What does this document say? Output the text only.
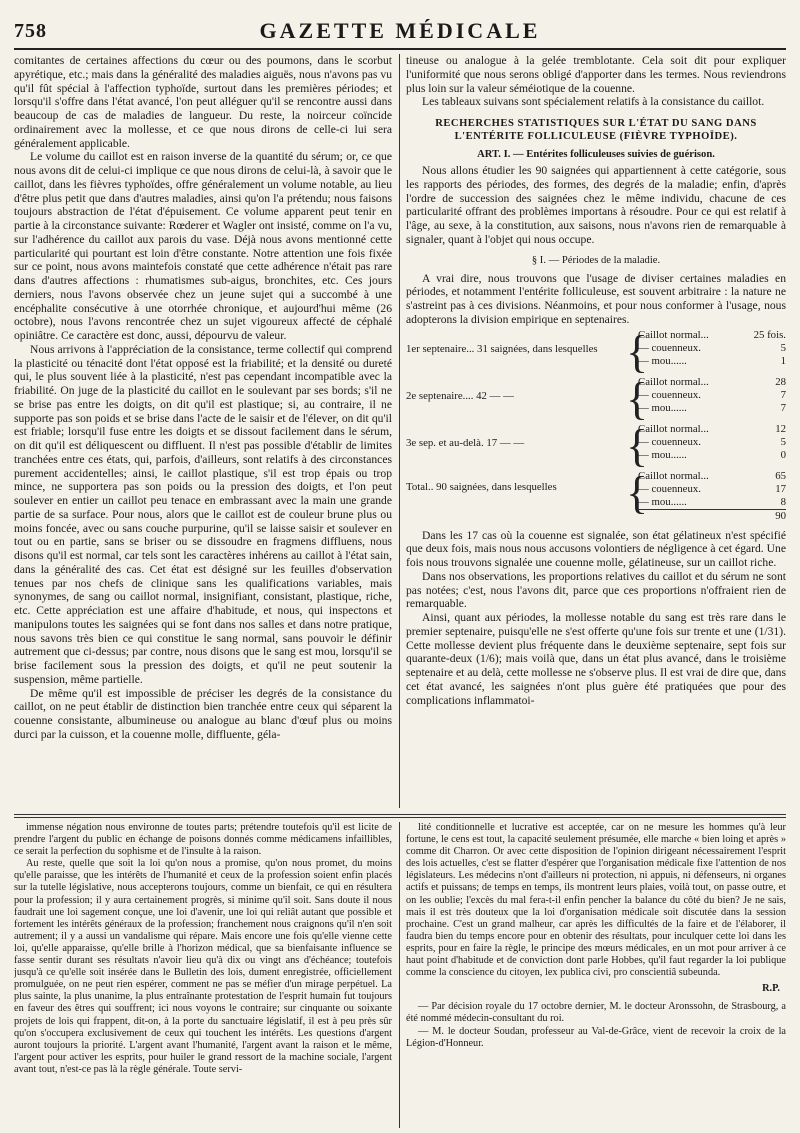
GAZETTE MÉDICALE
758

comitantes de certaines affections du cœur ou des poumons, dans le scorbut apyrétique, etc.; mais dans la généralité des maladies aiguës, nous n'avons pas vu qu'il fût spécial à l'affection typhoïde, surtout dans les premières périodes; et lorsqu'il s'offre dans l'état avancé, l'on peut alléguer qu'il se rencontre aussi dans beaucoup de cas de maladies de langueur. Du reste, la noirceur coïncide ordinairement avec la mollesse, et ce que nous dirons de celle-ci lui sera généralement applicable.

Le volume du caillot est en raison inverse de la quantité du sérum; or, ce que nous avons dit de celui-ci implique ce que nous dirons de celui-là, à savoir que le caillot, dans les fièvres typhoïdes, offre généralement un volume notable, au lieu d'être plus petit que dans d'autres maladies, ainsi qu'on l'a prétendu; nous faisons toujours abstraction de l'état d'épuisement. Ce volume apparent peut tenir en partie à la circonstance suivante: Rœderer et Wagler ont insisté, comme on l'a vu, sur l'adhérence du caillot aux parois du vase. Déjà nous avons mentionné cette particularité qui pourtant est loin d'être constante. Notre attention une fois fixée sur ce point, nous avons maintefois constaté que cette adhérence n'était pas rare dans d'autres affections : rhumatismes sub-aigus, bronchites, etc. Ces jours derniers, nous l'avons observée chez un jeune sujet qui a succombé à une encéphalite consécutive à une otorrhée chronique, et aujourd'hui même (26 octobre), nous l'avons rencontrée chez un sujet vigoureux affecté de céphalé opiniâtre. Ce caractère est donc, aussi, dépourvu de valeur.

Nous arrivons à l'appréciation de la consistance, terme collectif qui comprend la plasticité ou ténacité dont l'état opposé est la friabilité; et la densité ou dureté qui, le plus souvent liée à la plasticité, n'est pas cependant incompatible avec la friabilité. On juge de la plasticité du caillot en le soulevant par ses bords; s'il ne se brise pas entre les doigts, on dit qu'il est plastique; si, au contraire, il ne supporte pas son poids et se brise dans l'acte de le saisir et de l'élever, on dit qu'il est friable; lorsqu'il fuse entre les doigts et se dissout facilement dans le sérum, on dit qu'il est déliquescent ou diffluent. Il n'est pas possible d'établir de limites tranchées entre ces états, qui, parfois, d'ailleurs, sont relatifs à des circonstances purement accidentelles; ainsi, le caillot plastique, s'il est trop épais ou trop mince, ne supportera pas son poids ou la pression des doigts, et l'on peut soulever en entier un caillot peu tenace en embrassant avec la main une grande partie de sa surface. Pour nous, alors que le caillot est de couleur brune plus ou moins foncée, avec ou sans couche purpurine, qu'il se laisse saisir et soulever en tout ou en partie, sans se briser ou se dissoudre en fragmens diffluens, nous disons qu'il est normal, car tels sont les caractères inhérens au caillot à l'état sain, dans la généralité des cas. Cet état est désigné sur les feuilles d'observation tenues par nos chefs de clinique sans les qualifications variables, mais synonymes, de sang ou caillot normal, insignifiant, consistant, plastique, riche, etc. Cette appréciation est une affaire d'habitude, et nous, qui inspectons et manipulons toutes les saignées qui se font dans nos salles et dans notre pratique, nous savons très bien ce qui constitue le sang normal, sans pouvoir le définir autrement que ci-dessus; par contre, nous disons que le sang est mou, lorsqu'il se brise facilement sous la pression des doigts, et qu'il ne peut soutenir la suspension, même partielle.

De même qu'il est impossible de préciser les degrés de la consistance du caillot, on ne peut établir de distinction bien tranchée entre ceux qui séparent la couenne consistante, albumineuse ou analogue au blanc d'œuf plus ou moins durci par la cuisson, et la couenne molle, diffluente, géla-

tineuse ou analogue à la gelée tremblotante. Cela soit dit pour expliquer l'uniformité que nous serons obligé d'apporter dans les termes. Nous reviendrons plus loin sur la valeur séméiotique de la couenne.

Les tableaux suivans sont spécialement relatifs à la consistance du caillot.

RECHERCHES STATISTIQUES SUR L'ÉTAT DU SANG DANS L'ENTÉRITE FOLLICULEUSE (FIÈVRE TYPHOÏDE).
ART. I. — Entérites folliculeuses suivies de guérison.

Nous allons étudier les 90 saignées qui appartiennent à cette catégorie, sous les rapports des périodes, des formes, des degrés de la maladie; enfin, d'après l'ordre de succession des saignées chez le même individu, chacune de ces particularité offrant des problèmes importans à résoudre. Pour ce qui est relatif à l'âge, au sexe, à la constitution, aux saisons, nous n'avons rien de remarquable à signaler, quant à l'objet qui nous occupe.

§ I. — Périodes de la maladie.

A vrai dire, nous trouvons que l'usage de diviser certaines maladies en périodes, et notamment l'entérite folliculeuse, est souvent arbitraire : la nature ne s'astreint pas à ces divisions. Néanmoins, et pour nous conformer à l'usage, nous adopterons la division empirique en septenaires.

1er septenaire... 31 saignées, dans lesquelles {
Caillot normal...	25 fois.
— couenneux.	5
— mou......	1
2e septenaire.... 42 — —	{
Caillot normal...	28
— couenneux.	7
— mou......	7
3e sep. et au-delà. 17 — —	{
Caillot normal...	12
— couenneux.	5
— mou......	0
Total.. 90 saignées, dans lesquelles	{
Caillot normal...	65
— couenneux.	17
— mou......	8
90

Dans les 17 cas où la couenne est signalée, son état gélatineux n'est spécifié que deux fois, mais nous nous accusons volontiers de négligence à cet égard. Une fois nous trouvons signalée une couenne molle, gélatineuse, sur un caillot riche.

Dans nos observations, les proportions relatives du caillot et du sérum ne sont pas notées; c'est, nous l'avons dit, parce que ces proportions n'offraient rien de remarquable.

Ainsi, quant aux périodes, la mollesse notable du sang est très rare dans le premier septenaire, puisqu'elle ne s'est offerte qu'une fois sur trente et une (1/31). Cette mollesse devient plus fréquente dans le deuxième septenaire, sept fois sur quarante-deux (1/6); mais voilà que, dans un état plus avancé, dans le troisième septenaire et au delà, cette mollesse ne s'observe plus. Il est vrai de dire que, dans cet état avancé, les saignées n'ont plus guère été pratiquées que pour des complications inflammatoi-

immense négation nous environne de toutes parts; prétendre toutefois qu'il est licite de prendre l'argent du public en échange de poisons donnés comme médicamens infaillibles, ce serait la perfection du sophisme et de l'insulte à la raison.

Au reste, quelle que soit la loi qu'on nous a promise, qu'on nous promet, du moins qu'elle paraisse, que les intérêts de l'humanité et ceux de la profession soient enfin placés sur la tutelle législative, nous accepterons toujours, comme un bienfait, ce qui en résultera pour la profession; il y aura certainement progrès, si minime qu'il soit. Sans doute il nous faudrait une loi sagement conçue, une loi d'avenir, une loi qui reliât autant que possible et fortement les intérêts généraux de la profession; franchement nous craignons qu'il n'en soit autrement; il y a aussi un vandalisme qui répare. Mais encore une fois qu'elle vienne cette loi, qu'elle apparaisse, qu'elle brille à l'horizon médical, que sa bienfaisante influence se fasse sentir durant ses résultats n'avoir lieu qu'à dix ou vingt ans d'échéance; toutefois jusqu'à ce qu'elle soit insérée dans le Bulletin des lois, dument enregistrée, officiellement promulguée, on ne peut rien espérer, comment ne pas se méfier d'un mirage perpétuel. La plus sainte, la plus unanime, la plus entraînante protestation de l'esprit humain fut toujours en faveur des êtres qui souffrent; ici nous voyons le contraire; sur cinquante ou soixante projets de lois qui frappent, dit-on, à la porte du sanctuaire législatif, il est à peu près sûr qu'on s'occupera exclusivement de ceux qui touchent les intérêts. Les questions d'argent auront toujours la priorité. L'argent avant l'humanité, l'argent avant la raison et le même, l'argent pour activer les esprits, pour huiler le grand ressort de la machine sociale, l'argent avant tout, n'est-ce pas là la règle générale. Toute servi-

lité conditionnelle et lucrative est acceptée, car on ne mesure les hommes qu'à leur fortune, le cens est tout, la capacité seulement présumée, elle marche « bien loing et après » comme dit Charron. Or avec cette disposition de l'opinion dirigeant nécessairement l'esprit des lois actuelles, c'est se flatter d'espérer que l'organisation médicale fixe l'attention de nos législateurs. Les médecins n'ont d'ailleurs ni protection, ni appuis, ni défenseurs, ni organes actifs et puissans; de temps en temps, ils montrent leurs plaies, voilà tout, on passe outre, et on les oublie; l'excès du mal fera-t-il enfin pencher la balance du côté du bien? Je ne sais, mais il est très douteux que la loi d'organisation médicale soit discutée dans la session prochaine. C'est un grand malheur, car après les difficultés de la faire et de l'élaborer, il faudra bien du temps encore pour en obtenir des résultats, pour inculquer cette loi dans les esprits, pour en faire la règle, le principe des mœurs médicales, en un mot pour arriver à ce haut point d'habitude et de conviction dont parle Hobbes, qu'il faut regarder la loi publique comme la conscience du citoyen, lex publica civi, pro conscientiâ subeunda.

R.P.

— Par décision royale du 17 octobre dernier, M. le docteur Aronssohn, de Strasbourg, a été nommé médecin-consultant du roi.

— M. le docteur Soudan, professeur au Val-de-Grâce, vient de recevoir la croix de la Légion-d'Honneur.
